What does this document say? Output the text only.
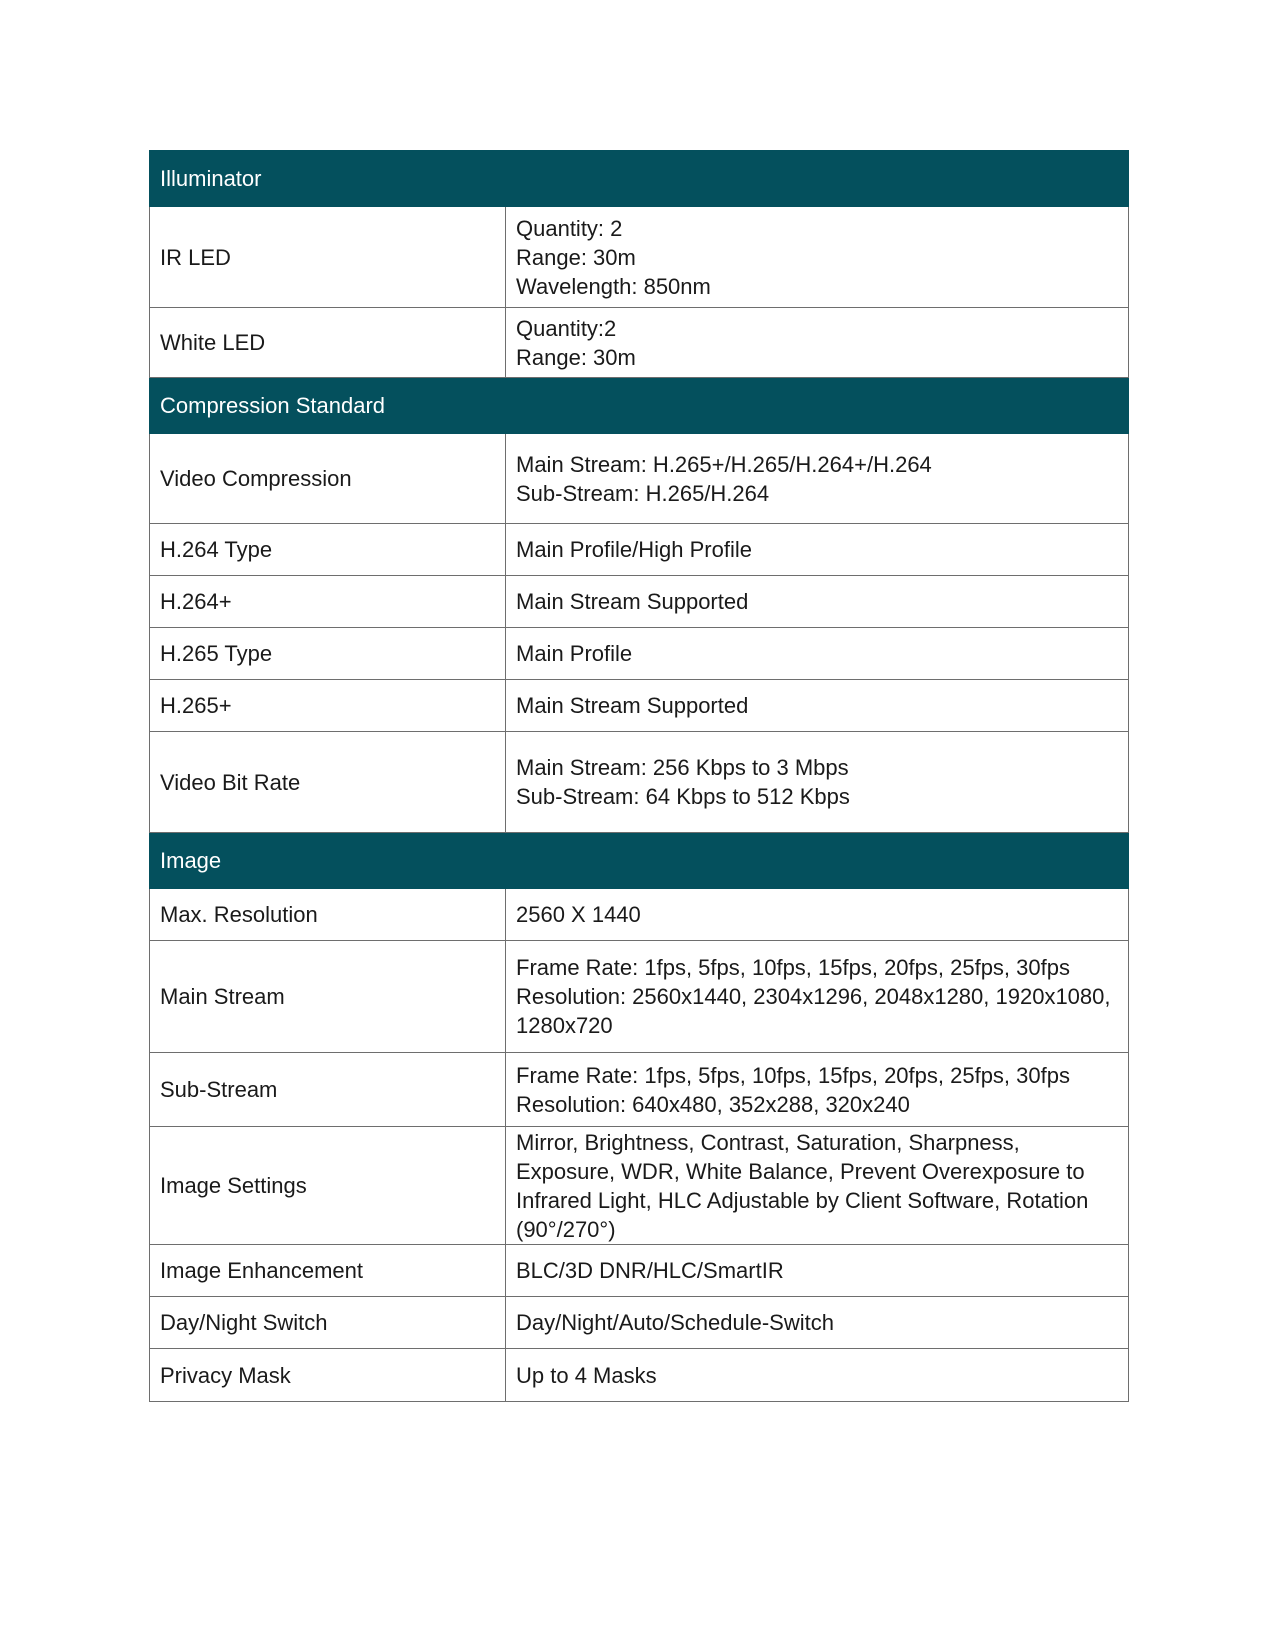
Illuminator	
IR LED	Quantity: 2
Range: 30m
Wavelength: 850nm

White LED	Quantity:2
Range: 30m

Compression Standard	
Video Compression	Main Stream: H.265+/H.265/H.264+/H.264
Sub-Stream: H.265/H.264

H.264 Type	Main Profile/High Profile

H.264+	Main Stream Supported

H.265 Type	Main Profile

H.265+	Main Stream Supported

Video Bit Rate	Main Stream: 256 Kbps to 3 Mbps
Sub-Stream: 64 Kbps to 512 Kbps

Image	
Max. Resolution	2560 X 1440

Main Stream	Frame Rate: 1fps, 5fps, 10fps, 15fps, 20fps, 25fps, 30fps
Resolution: 2560x1440, 2304x1296, 2048x1280, 1920x1080, 1280x720

Sub-Stream	Frame Rate: 1fps, 5fps, 10fps, 15fps, 20fps, 25fps, 30fps
Resolution: 640x480, 352x288, 320x240

Image Settings	Mirror, Brightness, Contrast, Saturation, Sharpness, Exposure, WDR, White Balance, Prevent Overexposure to Infrared Light, HLC Adjustable by Client Software, Rotation (90°/270°)

Image Enhancement	BLC/3D DNR/HLC/SmartIR

Day/Night Switch	Day/Night/Auto/Schedule-Switch

Privacy Mask	Up to 4 Masks
